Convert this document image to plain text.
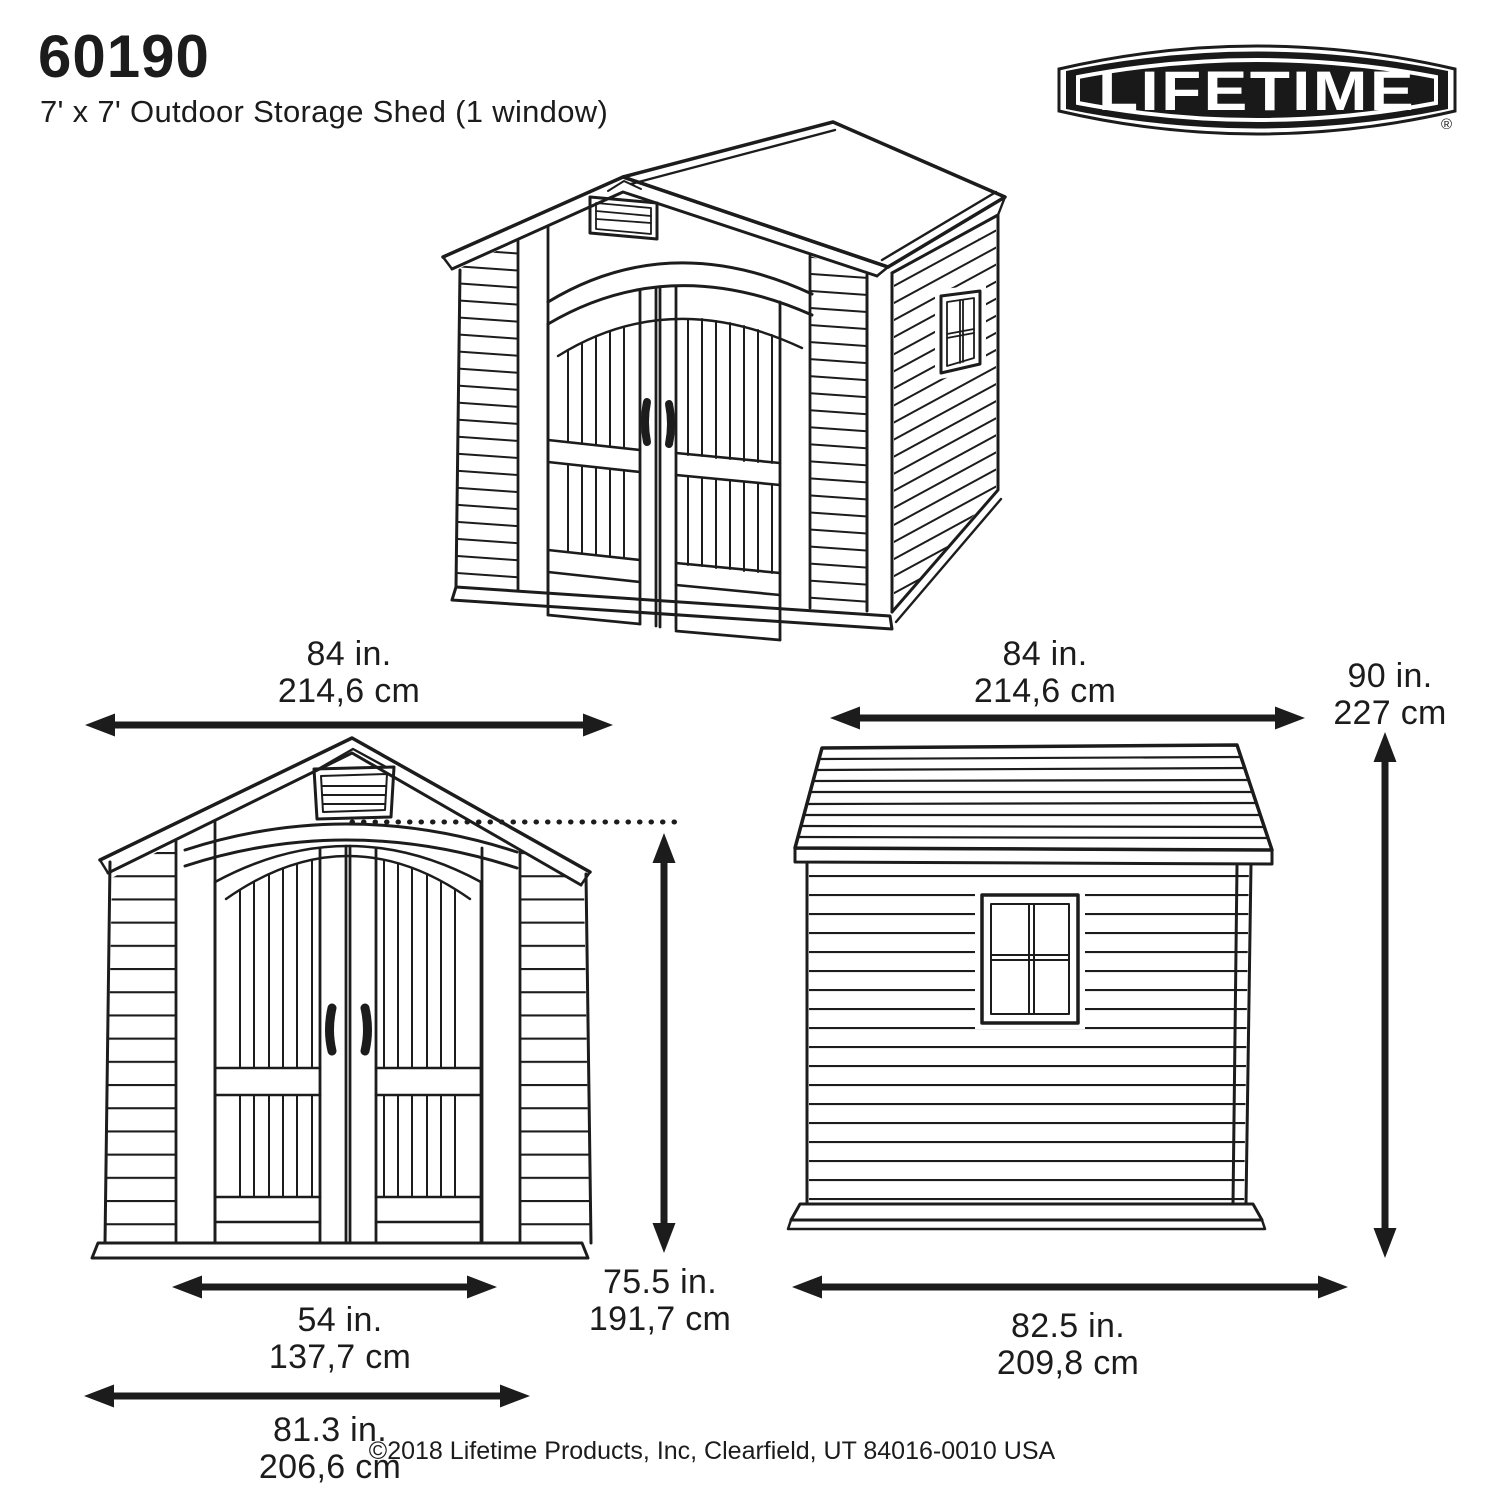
60190
7' x 7' Outdoor Storage Shed (1 window)	LIFETIME
®
84 in.
214,6 cm
84 in.
214,6 cm	90 in.
227 cm
75.5 in.
191,7 cm
54 in.
137,7 cm
81.3 in.
206,6 cm
82.5 in.
209,8 cm
©2018 Lifetime Products, Inc, Clearfield, UT 84016-0010 USA
